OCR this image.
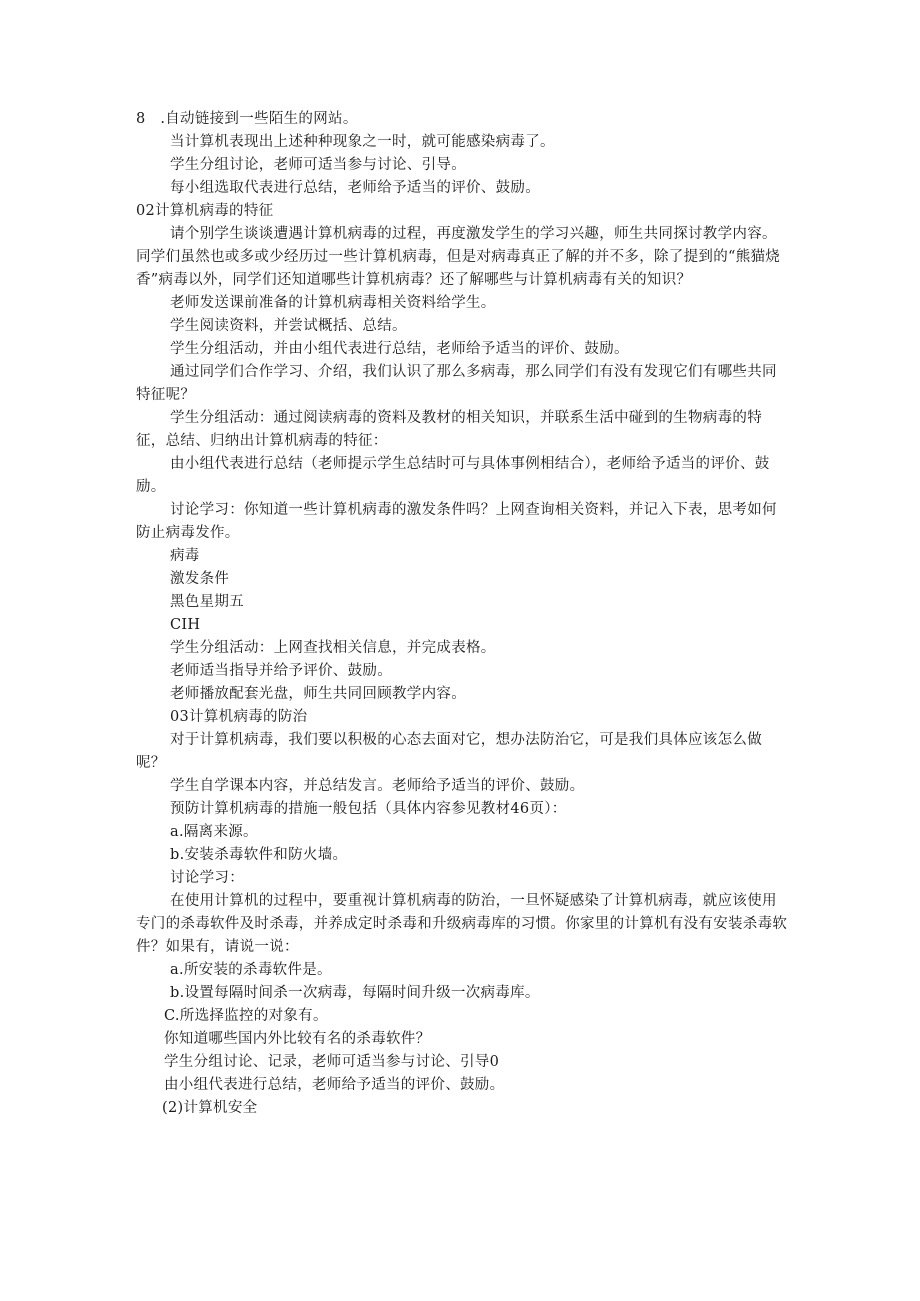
8　.自动链接到一些陌生的网站。

当计算机表现出上述种种现象之一时，就可能感染病毒了。

学生分组讨论，老师可适当参与讨论、引导。

每小组选取代表进行总结，老师给予适当的评价、鼓励。

02计算机病毒的特征

请个别学生谈谈遭遇计算机病毒的过程，再度激发学生的学习兴趣，师生共同探讨教学内容。同学们虽然也或多或少经历过一些计算机病毒，但是对病毒真正了解的并不多，除了提到的“熊猫烧香”病毒以外，同学们还知道哪些计算机病毒？还了解哪些与计算机病毒有关的知识？

老师发送课前准备的计算机病毒相关资料给学生。

学生阅读资料，并尝试概括、总结。

学生分组活动，并由小组代表进行总结，老师给予适当的评价、鼓励。

通过同学们合作学习、介绍，我们认识了那么多病毒，那么同学们有没有发现它们有哪些共同特征呢？

学生分组活动：通过阅读病毒的资料及教材的相关知识，并联系生活中碰到的生物病毒的特征，总结、归纳出计算机病毒的特征：

由小组代表进行总结（老师提示学生总结时可与具体事例相结合），老师给予适当的评价、鼓励。

讨论学习：你知道一些计算机病毒的激发条件吗？上网查询相关资料，并记入下表，思考如何防止病毒发作。

病毒

激发条件

黑色星期五

CIH

学生分组活动：上网查找相关信息，并完成表格。

老师适当指导并给予评价、鼓励。

老师播放配套光盘，师生共同回顾教学内容。

03计算机病毒的防治

对于计算机病毒，我们要以积极的心态去面对它，想办法防治它，可是我们具体应该怎么做呢？

学生自学课本内容，并总结发言。老师给予适当的评价、鼓励。

预防计算机病毒的措施一般包括（具体内容参见教材46页）：

a.隔离来源。

b.安装杀毒软件和防火墙。

讨论学习：

在使用计算机的过程中，要重视计算机病毒的防治，一旦怀疑感染了计算机病毒，就应该使用专门的杀毒软件及时杀毒，并养成定时杀毒和升级病毒库的习惯。你家里的计算机有没有安装杀毒软件？如果有，请说一说：

a.所安装的杀毒软件是。

b.设置每隔时间杀一次病毒，每隔时间升级一次病毒库。

C.所选择监控的对象有。

你知道哪些国内外比较有名的杀毒软件？

学生分组讨论、记录，老师可适当参与讨论、引导0

由小组代表进行总结，老师给予适当的评价、鼓励。

(2)计算机安全
